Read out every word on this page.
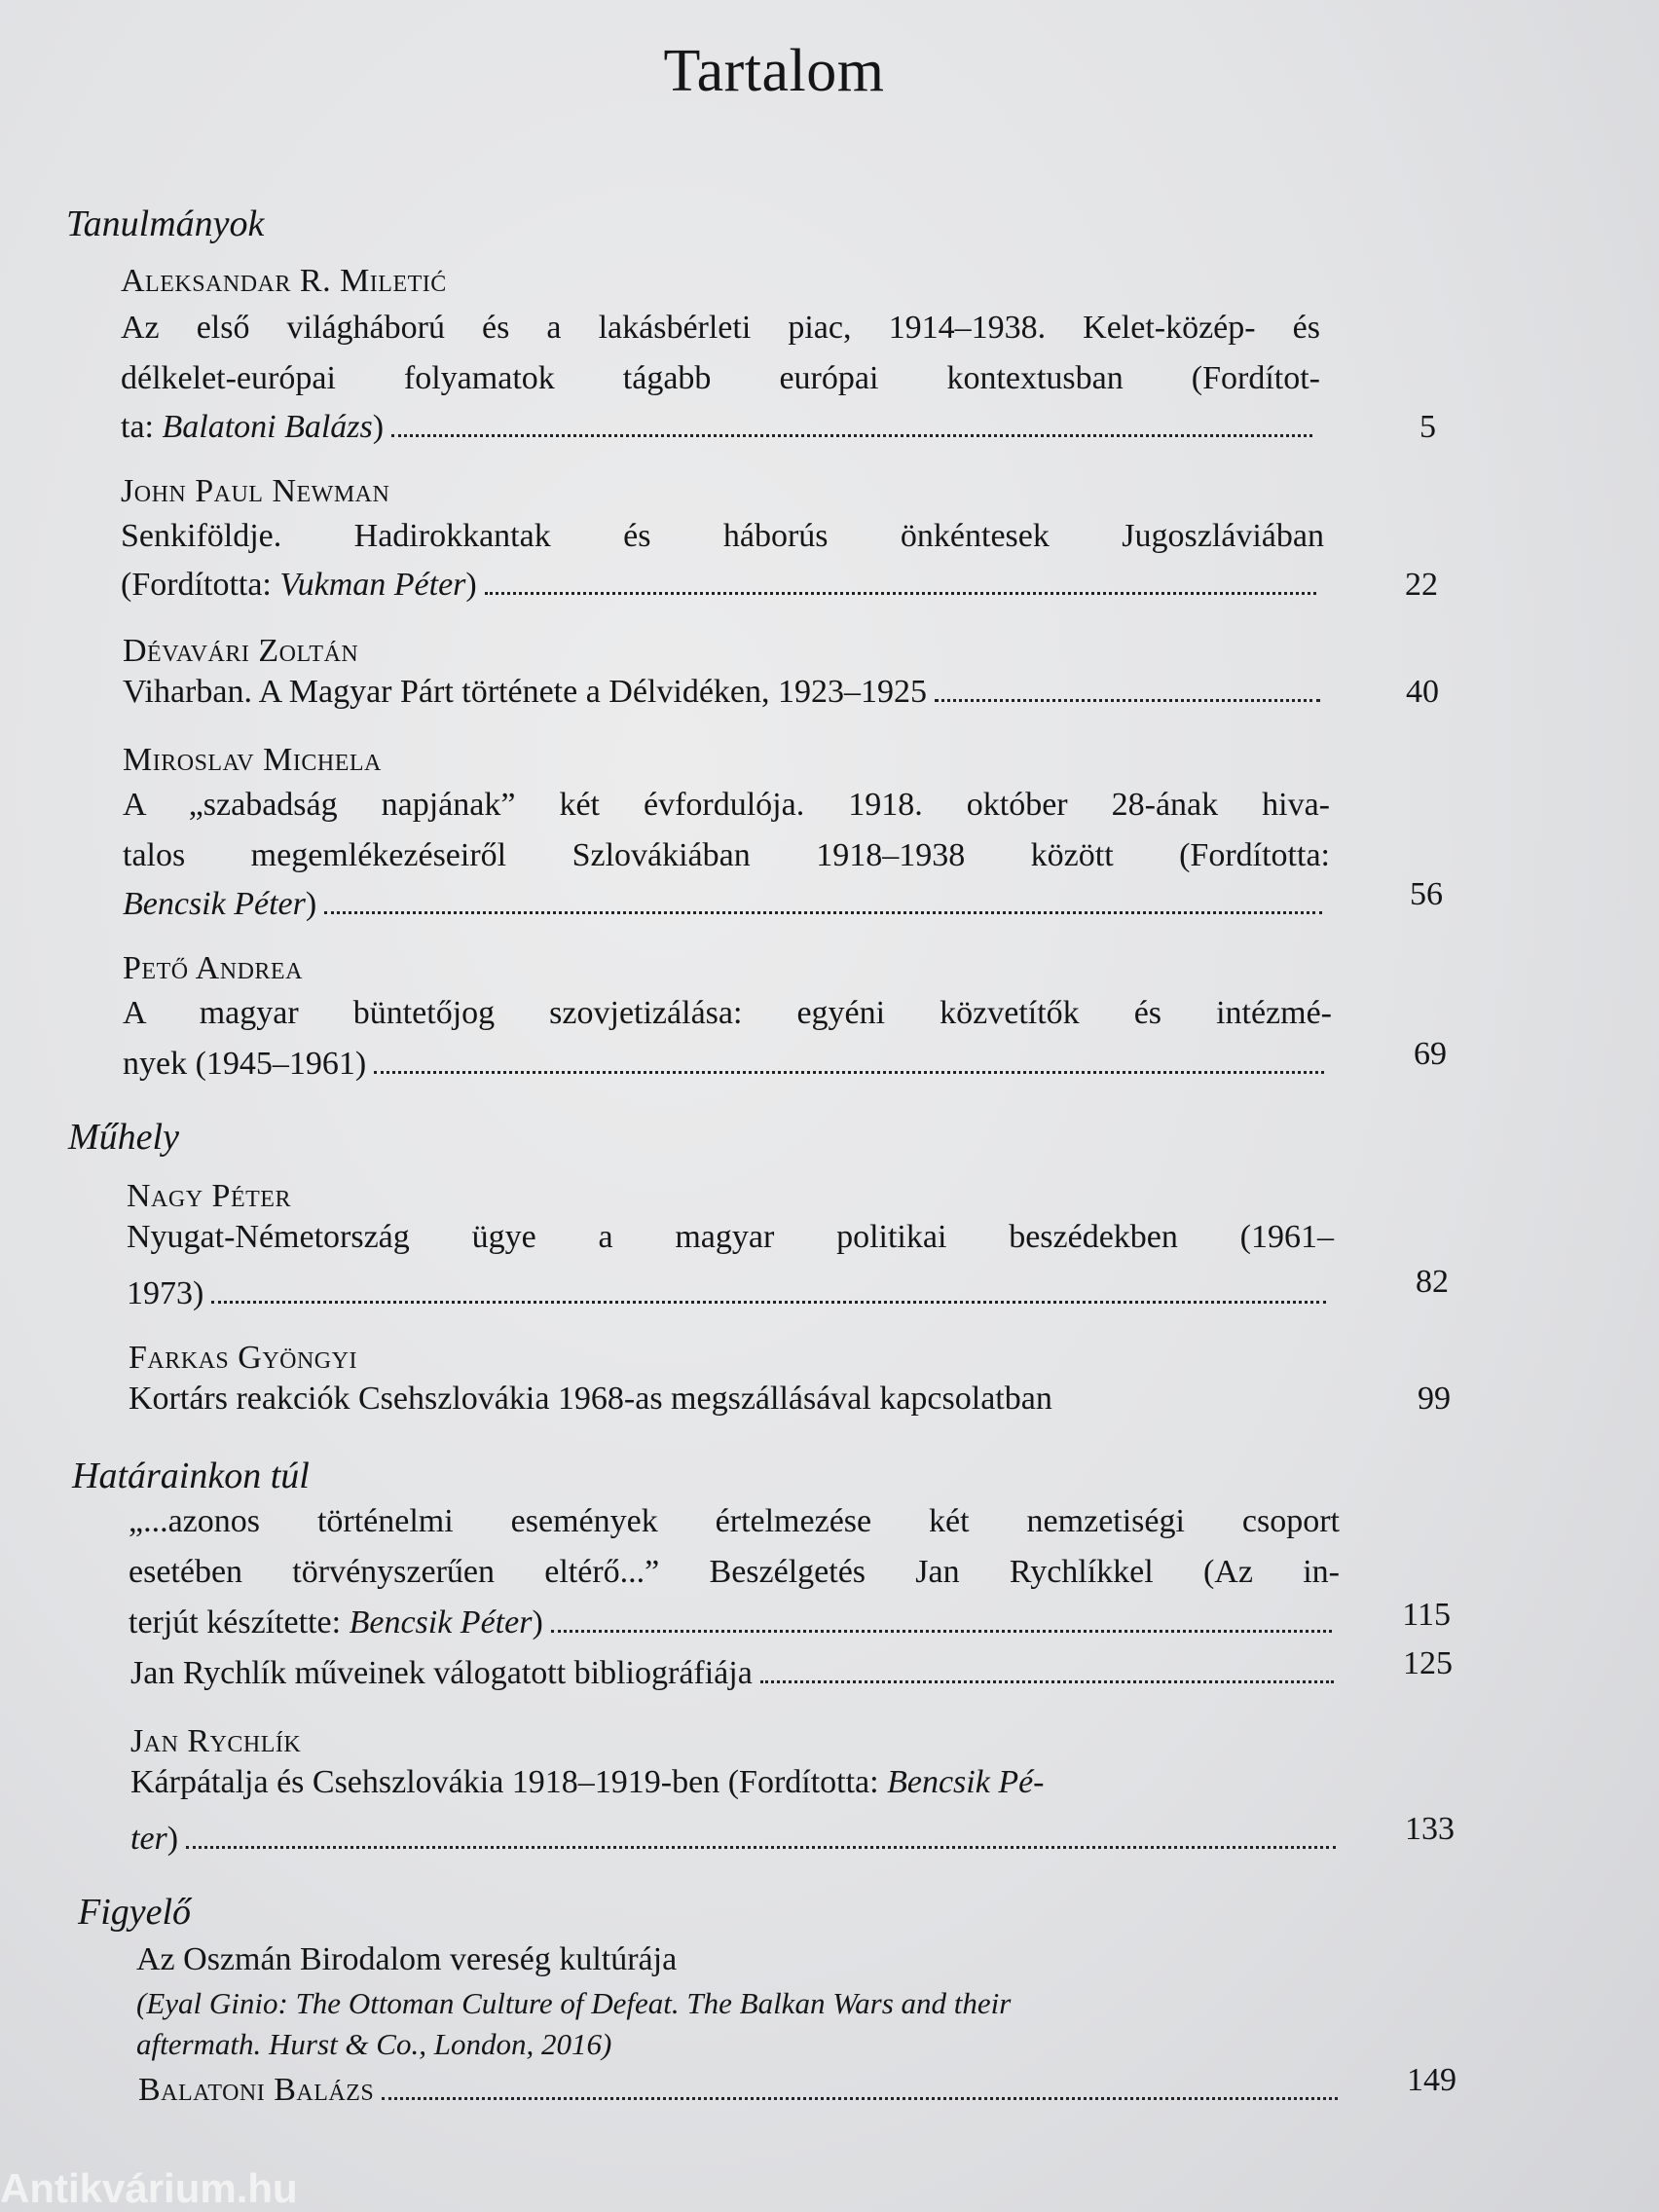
Tartalom
Tanulmányok
Aleksandar R. Miletić
Az első világháború és a lakásbérleti piac, 1914–1938. Kelet-közép- és
délkelet-európai folyamatok tágabb európai kontextusban (Fordítot-
ta: Balatoni Balázs)	5
John Paul Newman
Senkiföldje. Hadirokkantak és háborús önkéntesek Jugoszláviában
(Fordította: Vukman Péter)	22
Dévavári Zoltán
Viharban. A Magyar Párt története a Délvidéken, 1923–1925	40
Miroslav Michela
A „szabadság napjának” két évfordulója. 1918. október 28-ának hiva-
talos megemlékezéseiről Szlovákiában 1918–1938 között (Fordította:
Bencsik Péter)	56
Pető Andrea
A magyar büntetőjog szovjetizálása: egyéni közvetítők és intézmé-
nyek (1945–1961)	69
Műhely
Nagy Péter
Nyugat-Németország ügye a magyar politikai beszédekben (1961–
1973)	82
Farkas Gyöngyi
Kortárs reakciók Csehszlovákia 1968-as megszállásával kapcsolatban	99
Határainkon túl
„...azonos történelmi események értelmezése két nemzetiségi csoport
esetében törvényszerűen eltérő...” Beszélgetés Jan Rychlíkkel (Az in-
terjút készítette: Bencsik Péter)	115
Jan Rychlík műveinek válogatott bibliográfiája	125
Jan Rychlík
Kárpátalja és Csehszlovákia 1918–1919-ben (Fordította: Bencsik Pé-
ter)	133
Figyelő
Az Oszmán Birodalom vereség kultúrája
(Eyal Ginio: The Ottoman Culture of Defeat. The Balkan Wars and their
aftermath. Hurst & Co., London, 2016)
Balatoni Balázs	149
Antikvárium.hu
